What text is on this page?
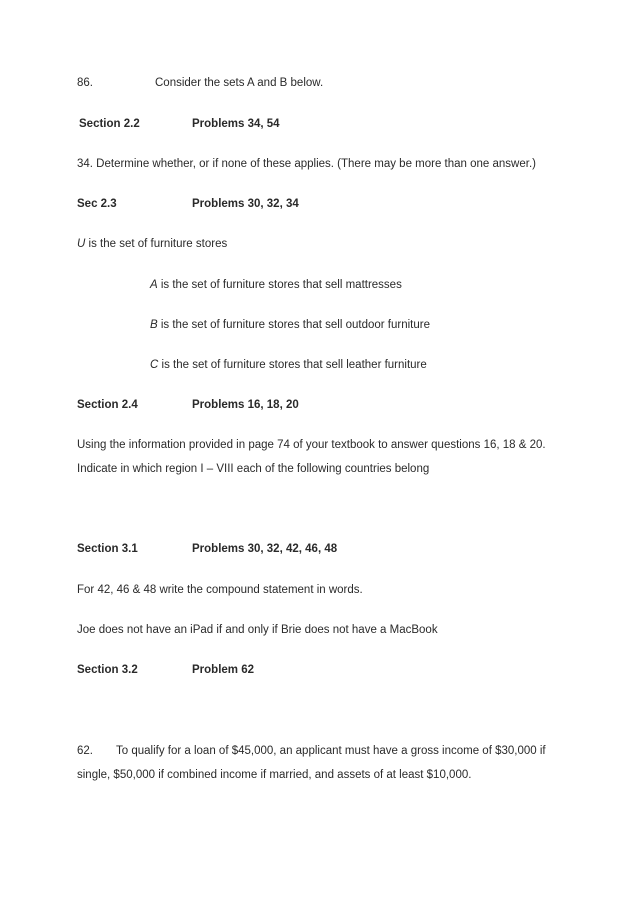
86.	Consider the sets A and B below.
Section 2.2	Problems 34, 54
34. Determine whether, or if none of these applies. (There may be more than one answer.)
Sec 2.3	Problems 30, 32, 34
U is the set of furniture stores
A is the set of furniture stores that sell mattresses
B is the set of furniture stores that sell outdoor furniture
C is the set of furniture stores that sell leather furniture
Section 2.4	Problems 16, 18, 20
Using the information provided in page 74 of your textbook to answer questions 16, 18 & 20.
Indicate in which region I – VIII each of the following countries belong
Section 3.1	Problems 30, 32, 42, 46, 48
For 42, 46 & 48 write the compound statement in words.
Joe does not have an iPad if and only if Brie does not have a MacBook
Section 3.2	Problem 62
62. To qualify for a loan of $45,000, an applicant must have a gross income of $30,000 if
single, $50,000 if combined income if married, and assets of at least $10,000.
